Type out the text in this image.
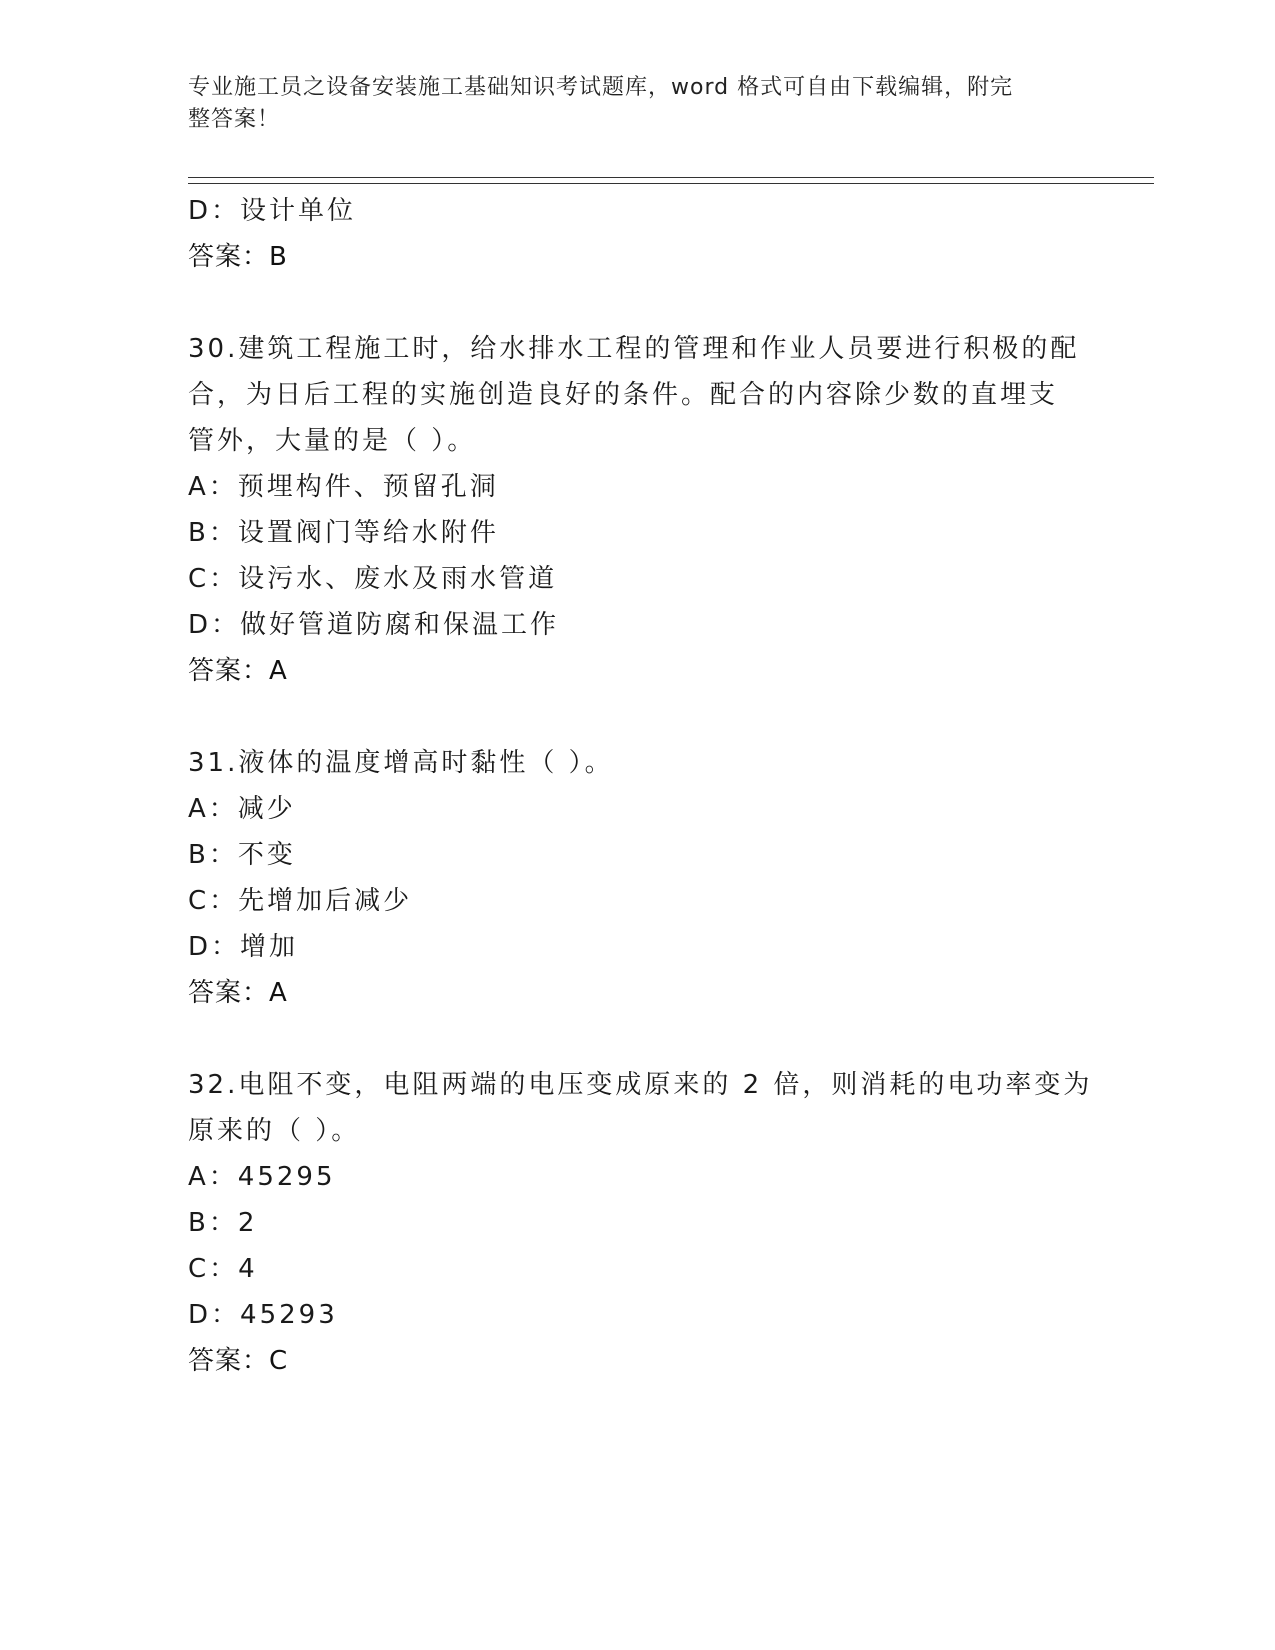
专业施工员之设备安装施工基础知识考试题库，word 格式可自由下载编辑，附完
整答案！
D：设计单位
答案：B
30.建筑工程施工时，给水排水工程的管理和作业人员要进行积极的配
合，为日后工程的实施创造良好的条件。配合的内容除少数的直埋支
管外，大量的是（ ）。
A：预埋构件、预留孔洞
B：设置阀门等给水附件
C：设污水、废水及雨水管道
D：做好管道防腐和保温工作
答案：A
31.液体的温度增高时黏性（ ）。
A：减少
B：不变
C：先增加后减少
D：增加
答案：A
32.电阻不变，电阻两端的电压变成原来的 2 倍，则消耗的电功率变为
原来的（ ）。
A：45295
B：2
C：4
D：45293
答案：C
